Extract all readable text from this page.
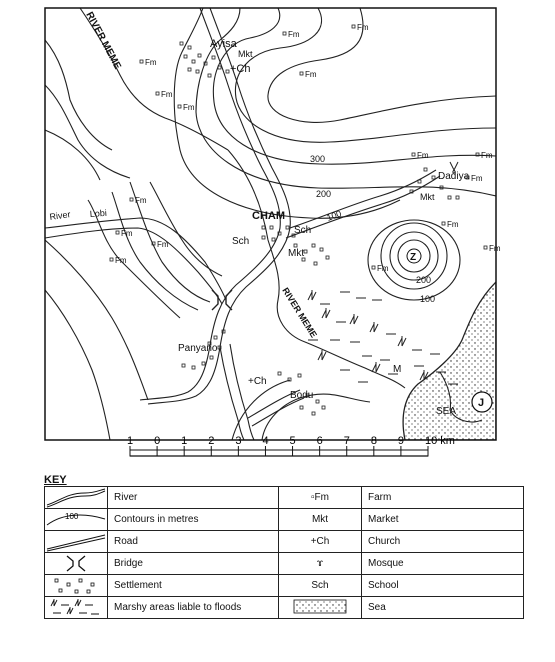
RIVER MEME
RIVER MEME
River Lobi
Ayisa
CHAM
Dadiya
Panyano
Bodu
Mkt
+Ch
Sch
Sch
Mkt
Mkt
+Ch
Fm
Fm
Fm
Fm
Fm
Fm
Fm	Fm
Fm
Fm
Fm
Fm
Fm
Fm
Fm
Fm
300
200
100
200
100
Z
J
M
SEA
1 0 1 2 3 4 5 6 7 8 9 10 km
KEY
	River	▫Fm	Farm

100	Contours in metres	Mkt	Market

	Road	+Ch	Church

	Bridge	ɤ	Mosque

	Settlement	Sch	School

	Marshy areas liable to floods		Sea
